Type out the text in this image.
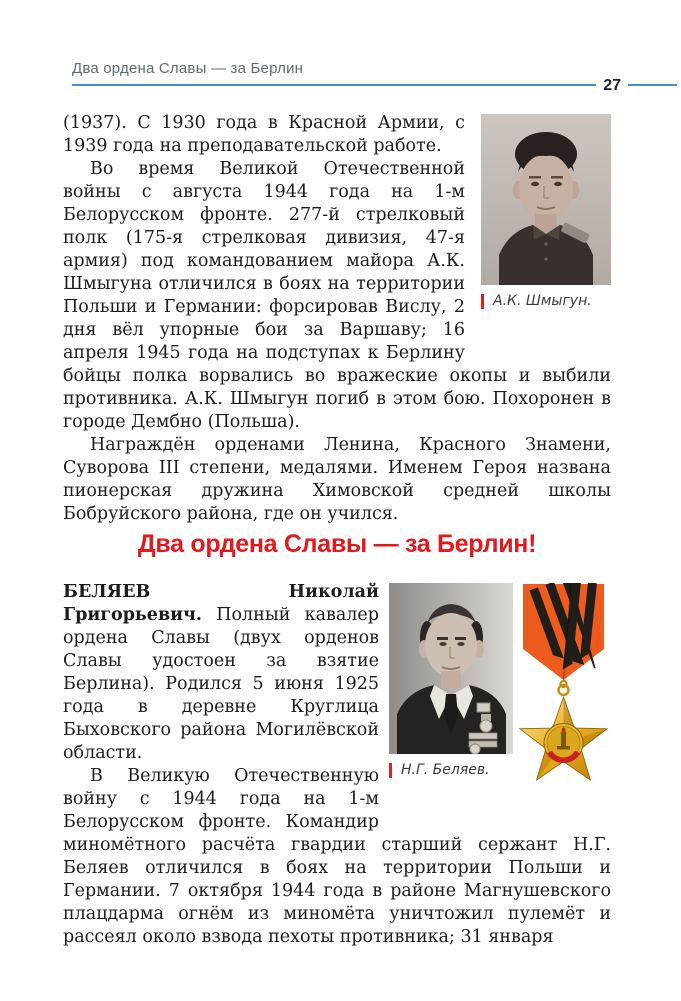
Два ордена Славы — за Берлин
27
А.К. Шмыгун.

(1937). С 1930 года в Красной Армии, с 1939 года на преподавательской работе.

Во время Великой Отечественной войны с августа 1944 года на 1-м Белорусском фронте. 277-й стрелковый полк (175-я стрелковая дивизия, 47-я армия) под командованием майора А.К. Шмыгуна отличился в боях на территории Польши и Германии: форсировав Вислу, 2 дня вёл упорные бои за Варшаву; 16 апреля 1945 года на подступах к Берлину бойцы полка ворвались во вражеские окопы и выбили противника. А.К. Шмыгун погиб в этом бою. Похоронен в городе Дембно (Польша).

Награждён орденами Ленина, Красного Знамени, Суворова III степени, медалями. Именем Героя названа пионерская дружина Химовской средней школы Бобруйского района, где он учился.

Два ордена Славы — за Берлин!
Н.Г. Беляев.

БЕЛЯЕВ Николай Григорьевич. Полный кавалер ордена Славы (двух орденов Славы удостоен за взятие Берлина). Родился 5 июня 1925 года в деревне Круглица Быховского района Могилёвской области.

В Великую Отечественную войну с 1944 года на 1-м Белорусском фронте. Командир миномётного расчёта гвардии старший сержант Н.Г. Беляев отличился в боях на территории Польши и Германии. 7 октября 1944 года в районе Магнушевского плацдарма огнём из миномёта уничтожил пулемёт и рассеял около взвода пехоты противника; 31 января
